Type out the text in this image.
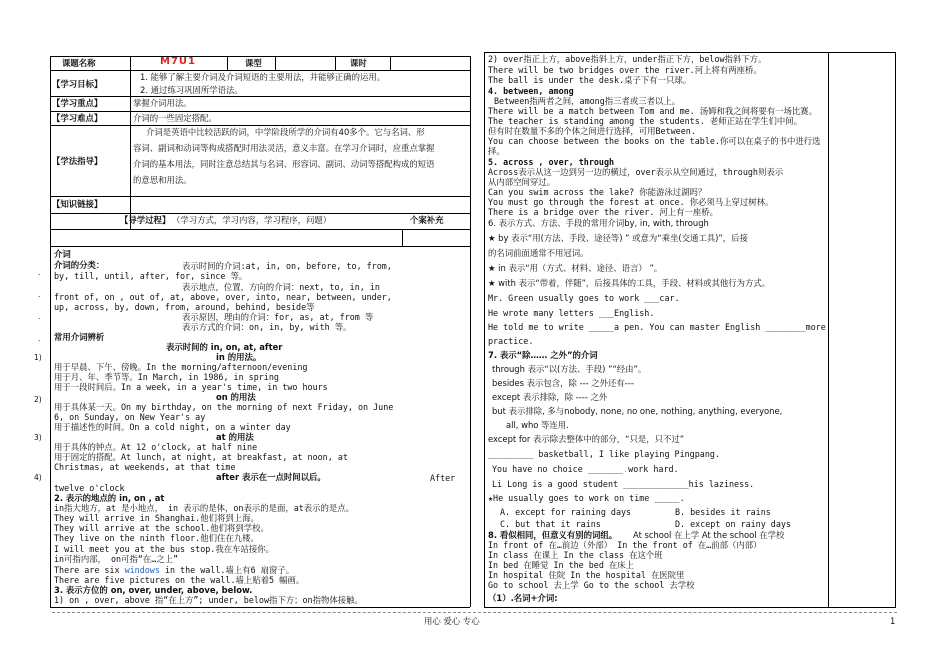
课题名称	M7U1	课型	课时
【学习目标】
1. 能够了解主要介词及介词短语的主要用法，并能够正确的运用。
2. 通过练习巩固所学语法。
【学习重点】	掌握介词用法。
【学习难点】	介词的一些固定搭配。
【学法指导】
介词是英语中比较活跃的词，中学阶段所学的介词有40多个。它与名词、形
容词、副词和动词等构成搭配时用法灵活，意义丰富。在学习介词时，应重点掌握
介词的基本用法，同时注意总结其与名词、形容词、副词、动词等搭配构成的短语
的意思和用法。
【知识链接】
【导学过程】 （学习方式，学习内容，学习程序，问题）	个案补充
.
.
.
.
1)
2)
3)
4)
介词
介词的分类：	表示时间的介词:at, in, on, before, to, from,
by, till, until, after, for, since 等。
表示地点，位置，方向的介词：next, to, in, in
front of, on , out of, at, above, over, into, near, between, under,
up, across, by, down, from, around, behind, beside等
表示原因，理由的介词：for, as, at, from 等
表示方式的介词：on, in, by, with 等。
常用介词辨析
表示时间的 in, on, at, after
in 的用法。
用于早晨、下午、傍晚。In the morning/afternoon/evening
用于月、年、季节等。In March, in 1986, in spring
用于一段时间后。In a week, in a year's time, in two hours
on 的用法
用于具体某一天。On my birthday, on the morning of next Friday, on June
6, on Sunday, on New Year's ay
用于描述性的时间。On a cold night, on a winter day
at 的用法
用于具体的钟点。At 12 o'clock, at half nine
用于固定的搭配。At lunch, at night, at breakfast, at noon, at
Christmas, at weekends, at that time
after 表示在一点时间以后。	After
twelve o'clock
2. 表示的地点的 in, on , at
in指大地方，at 是小地点， in 表示的是体，on表示的是面，at表示的是点。
They will arrive in Shanghai.他们将到上海。
They will arrive at the school.他们将到学校。
They live on the ninth floor.他们住在九楼。
I will meet you at the bus stop.我在车站接你。
in可指内部， on可指“在…之上”
There are six windows in the wall.墙上有6 扇窗子。
There are five pictures on the wall.墙上贴着5 幅画。
3. 表示方位的 on, over, under, above, below.
1) on , over, above 指“在上方”; under, below指下方；on指物体接触。
2) over指正上方，above指斜上方，under指正下方，below指斜下方。
There will be two bridges over the river.河上将有两座桥。
The ball is under the desk.桌子下有一只球。
4. between, among
Between指两者之间，among指三者或三者以上。
There will be a match between Tom and me. 汤姆和我之间将要有一场比赛。
The teacher is standing among the students. 老师正站在学生们中间。
但有时在数量不多的个体之间进行选择，可用Between.
You can choose between the books on the table.你可以在桌子的书中进行选
择。
5. across , over, through
Across表示从这一边到另一边的横过，over表示从空间通过，through则表示
从内部空间穿过。
Can you swim across the lake? 你能游泳过湖吗？
You must go through the forest at once. 你必须马上穿过树林。
There is a bridge over the river. 河上有一座桥。
6. 表示方式、方法、手段的常用介词by, in, with, through
★ by 表示“用(方法、手段、途径等) ” 或意为“乘坐(交通工具)”，后接
的名词前面通常不用冠词。
★ in 表示“用（方式、材料、途径、语言） ”。
★ with 表示“带着，伴随”，后接具体的工具，手段、材料或其他行为方式。
Mr. Green usually goes to work ___car.
He wrote many letters ___English.
He told me to write _____a pen. You can master English ________more
practice.
7. 表示“除…… 之外”的介词
through 表示“以(方法、手段) ”“经由”。
besides 表示包含，除 --- 之外还有---
except 表示排除，除 ---- 之外
but 表示排除, 多与nobody, none, no one, nothing, anything, everyone,
all, who 等连用.
except for 表示除去整体中的部分，“只是，只不过”
_________ basketball, I like playing Pingpang.
You have no choice _______.work hard.
Li Long is a good student _____________his laziness.
★He usually goes to work on time _____.
A. except for raining days	B. besides it rains
C. but that it rains	D. except on rainy days
8. 看似相同，但意义有别的词组。 At school 在上学 At the school 在学校
In front of 在…前边（外部） In the front of 在…前部（内部）
In class 在课上 In the class 在这个班
In bed 在睡觉 In the bed 在床上
In hospital 住院 In the hospital 在医院里
Go to school 去上学 Go to the school 去学校
（1）.名词+介词:
用心 爱心 专心	1
